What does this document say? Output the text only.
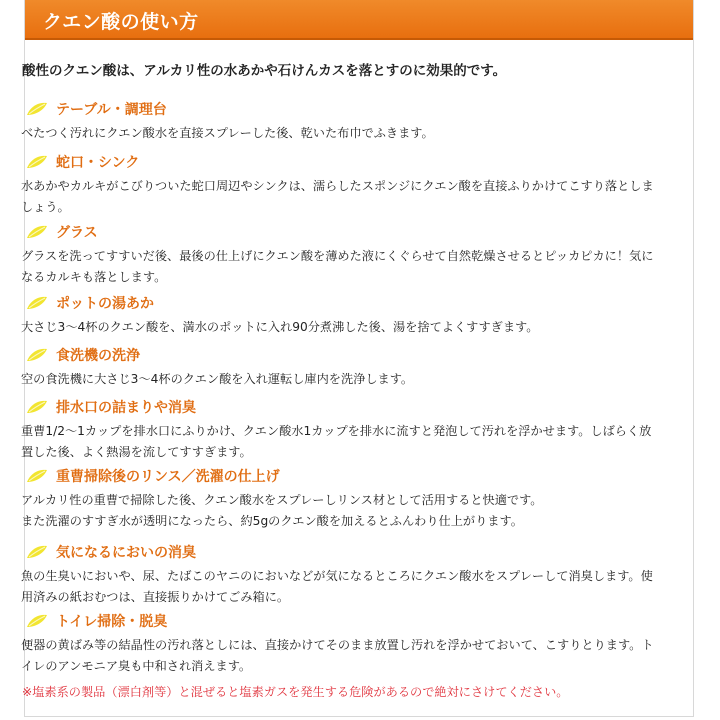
クエン酸の使い方
酸性のクエン酸は、アルカリ性の水あかや石けんカスを落とすのに効果的です。
テーブル・調理台

べたつく汚れにクエン酸水を直接スプレーした後、乾いた布巾でふきます。

蛇口・シンク

水あかやカルキがこびりついた蛇口周辺やシンクは、濡らしたスポンジにクエン酸を直接ふりかけてこすり落としましょう。

グラス

グラスを洗ってすすいだ後、最後の仕上げにクエン酸を薄めた液にくぐらせて自然乾燥させるとピッカピカに！気になるカルキも落とします。

ポットの湯あか

大さじ3～4杯のクエン酸を、満水のポットに入れ90分煮沸した後、湯を捨てよくすすぎます。

食洗機の洗浄

空の食洗機に大さじ3～4杯のクエン酸を入れ運転し庫内を洗浄します。

排水口の詰まりや消臭

重曹1/2～1カップを排水口にふりかけ、クエン酸水1カップを排水に流すと発泡して汚れを浮かせます。しばらく放置した後、よく熱湯を流してすすぎます。

重曹掃除後のリンス／洗濯の仕上げ

アルカリ性の重曹で掃除した後、クエン酸水をスプレーしリンス材として活用すると快適です。

また洗濯のすすぎ水が透明になったら、約5gのクエン酸を加えるとふんわり仕上がります。

気になるにおいの消臭

魚の生臭いにおいや、尿、たばこのヤニのにおいなどが気になるところにクエン酸水をスプレーして消臭します。使用済みの紙おむつは、直接振りかけてごみ箱に。

トイレ掃除・脱臭

便器の黄ばみ等の結晶性の汚れ落としには、直接かけてそのまま放置し汚れを浮かせておいて、こすりとります。トイレのアンモニア臭も中和され消えます。

※塩素系の製品（漂白剤等）と混ぜると塩素ガスを発生する危険があるので絶対にさけてください。
